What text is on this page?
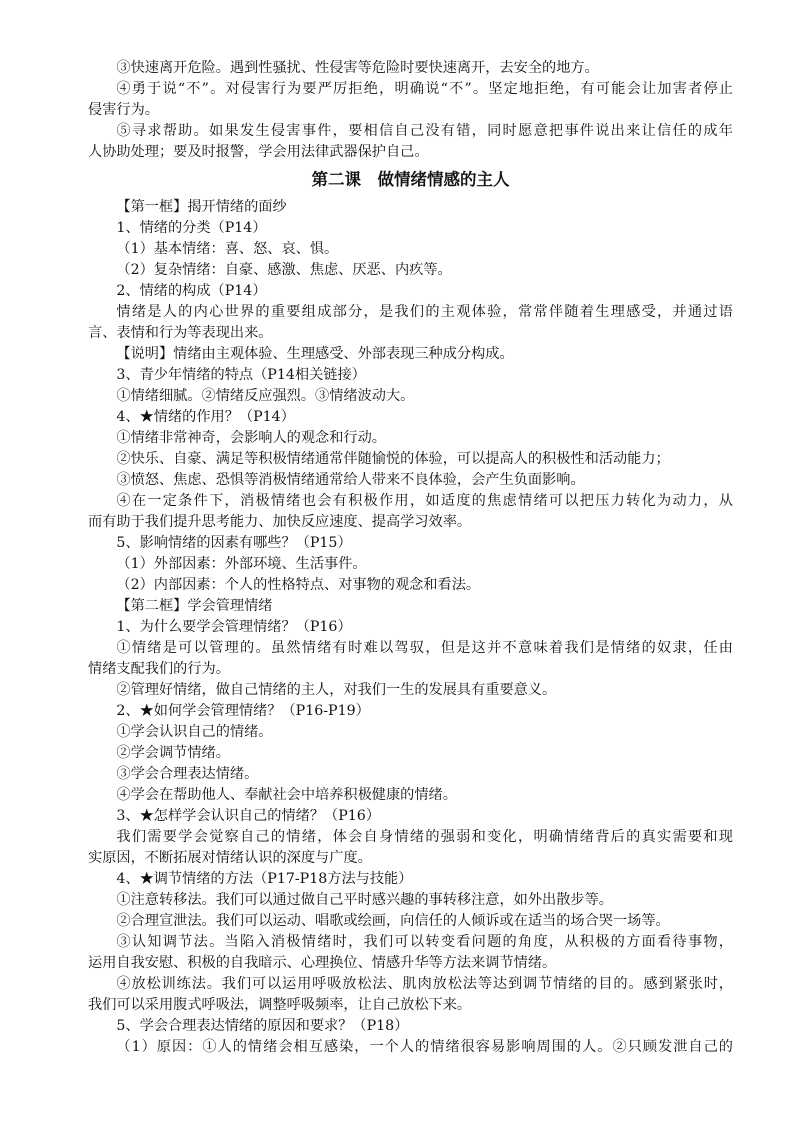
③快速离开危险。遇到性骚扰、性侵害等危险时要快速离开，去安全的地方。
④勇于说“不”。对侵害行为要严厉拒绝，明确说“不”。坚定地拒绝，有可能会让加害者停止
侵害行为。
⑤寻求帮助。如果发生侵害事件，要相信自己没有错，同时愿意把事件说出来让信任的成年
人协助处理；要及时报警，学会用法律武器保护自己。
第二课　做情绪情感的主人
【第一框】揭开情绪的面纱
1、情绪的分类（P14）
（1）基本情绪：喜、怒、哀、惧。
（2）复杂情绪：自豪、感激、焦虑、厌恶、内疚等。
2、情绪的构成（P14）
情绪是人的内心世界的重要组成部分，是我们的主观体验，常常伴随着生理感受，并通过语
言、表情和行为等表现出来。
【说明】情绪由主观体验、生理感受、外部表现三种成分构成。
3、青少年情绪的特点（P14相关链接）
①情绪细腻。②情绪反应强烈。③情绪波动大。
4、★情绪的作用？（P14）
①情绪非常神奇，会影响人的观念和行动。
②快乐、自豪、满足等积极情绪通常伴随愉悦的体验，可以提高人的积极性和活动能力；
③愤怒、焦虑、恐惧等消极情绪通常给人带来不良体验，会产生负面影响。
④在一定条件下，消极情绪也会有积极作用，如适度的焦虑情绪可以把压力转化为动力，从
而有助于我们提升思考能力、加快反应速度、提高学习效率。
5、影响情绪的因素有哪些？（P15）
（1）外部因素：外部环境、生活事件。
（2）内部因素：个人的性格特点、对事物的观念和看法。
【第二框】学会管理情绪
1、为什么要学会管理情绪？（P16）
①情绪是可以管理的。虽然情绪有时难以驾驭，但是这并不意味着我们是情绪的奴隶，任由
情绪支配我们的行为。
②管理好情绪，做自己情绪的主人，对我们一生的发展具有重要意义。
2、★如何学会管理情绪？（P16-P19）
①学会认识自己的情绪。
②学会调节情绪。
③学会合理表达情绪。
④学会在帮助他人、奉献社会中培养积极健康的情绪。
3、★怎样学会认识自己的情绪？（P16）
我们需要学会觉察自己的情绪，体会自身情绪的强弱和变化，明确情绪背后的真实需要和现
实原因，不断拓展对情绪认识的深度与广度。
4、★调节情绪的方法（P17-P18方法与技能）
①注意转移法。我们可以通过做自己平时感兴趣的事转移注意，如外出散步等。
②合理宣泄法。我们可以运动、唱歌或绘画，向信任的人倾诉或在适当的场合哭一场等。
③认知调节法。当陷入消极情绪时，我们可以转变看问题的角度，从积极的方面看待事物，
运用自我安慰、积极的自我暗示、心理换位、情感升华等方法来调节情绪。
④放松训练法。我们可以运用呼吸放松法、肌肉放松法等达到调节情绪的目的。感到紧张时，
我们可以采用腹式呼吸法，调整呼吸频率，让自己放松下来。
5、学会合理表达情绪的原因和要求？（P18）
（1）原因：①人的情绪会相互感染，一个人的情绪很容易影响周围的人。②只顾发泄自己的
